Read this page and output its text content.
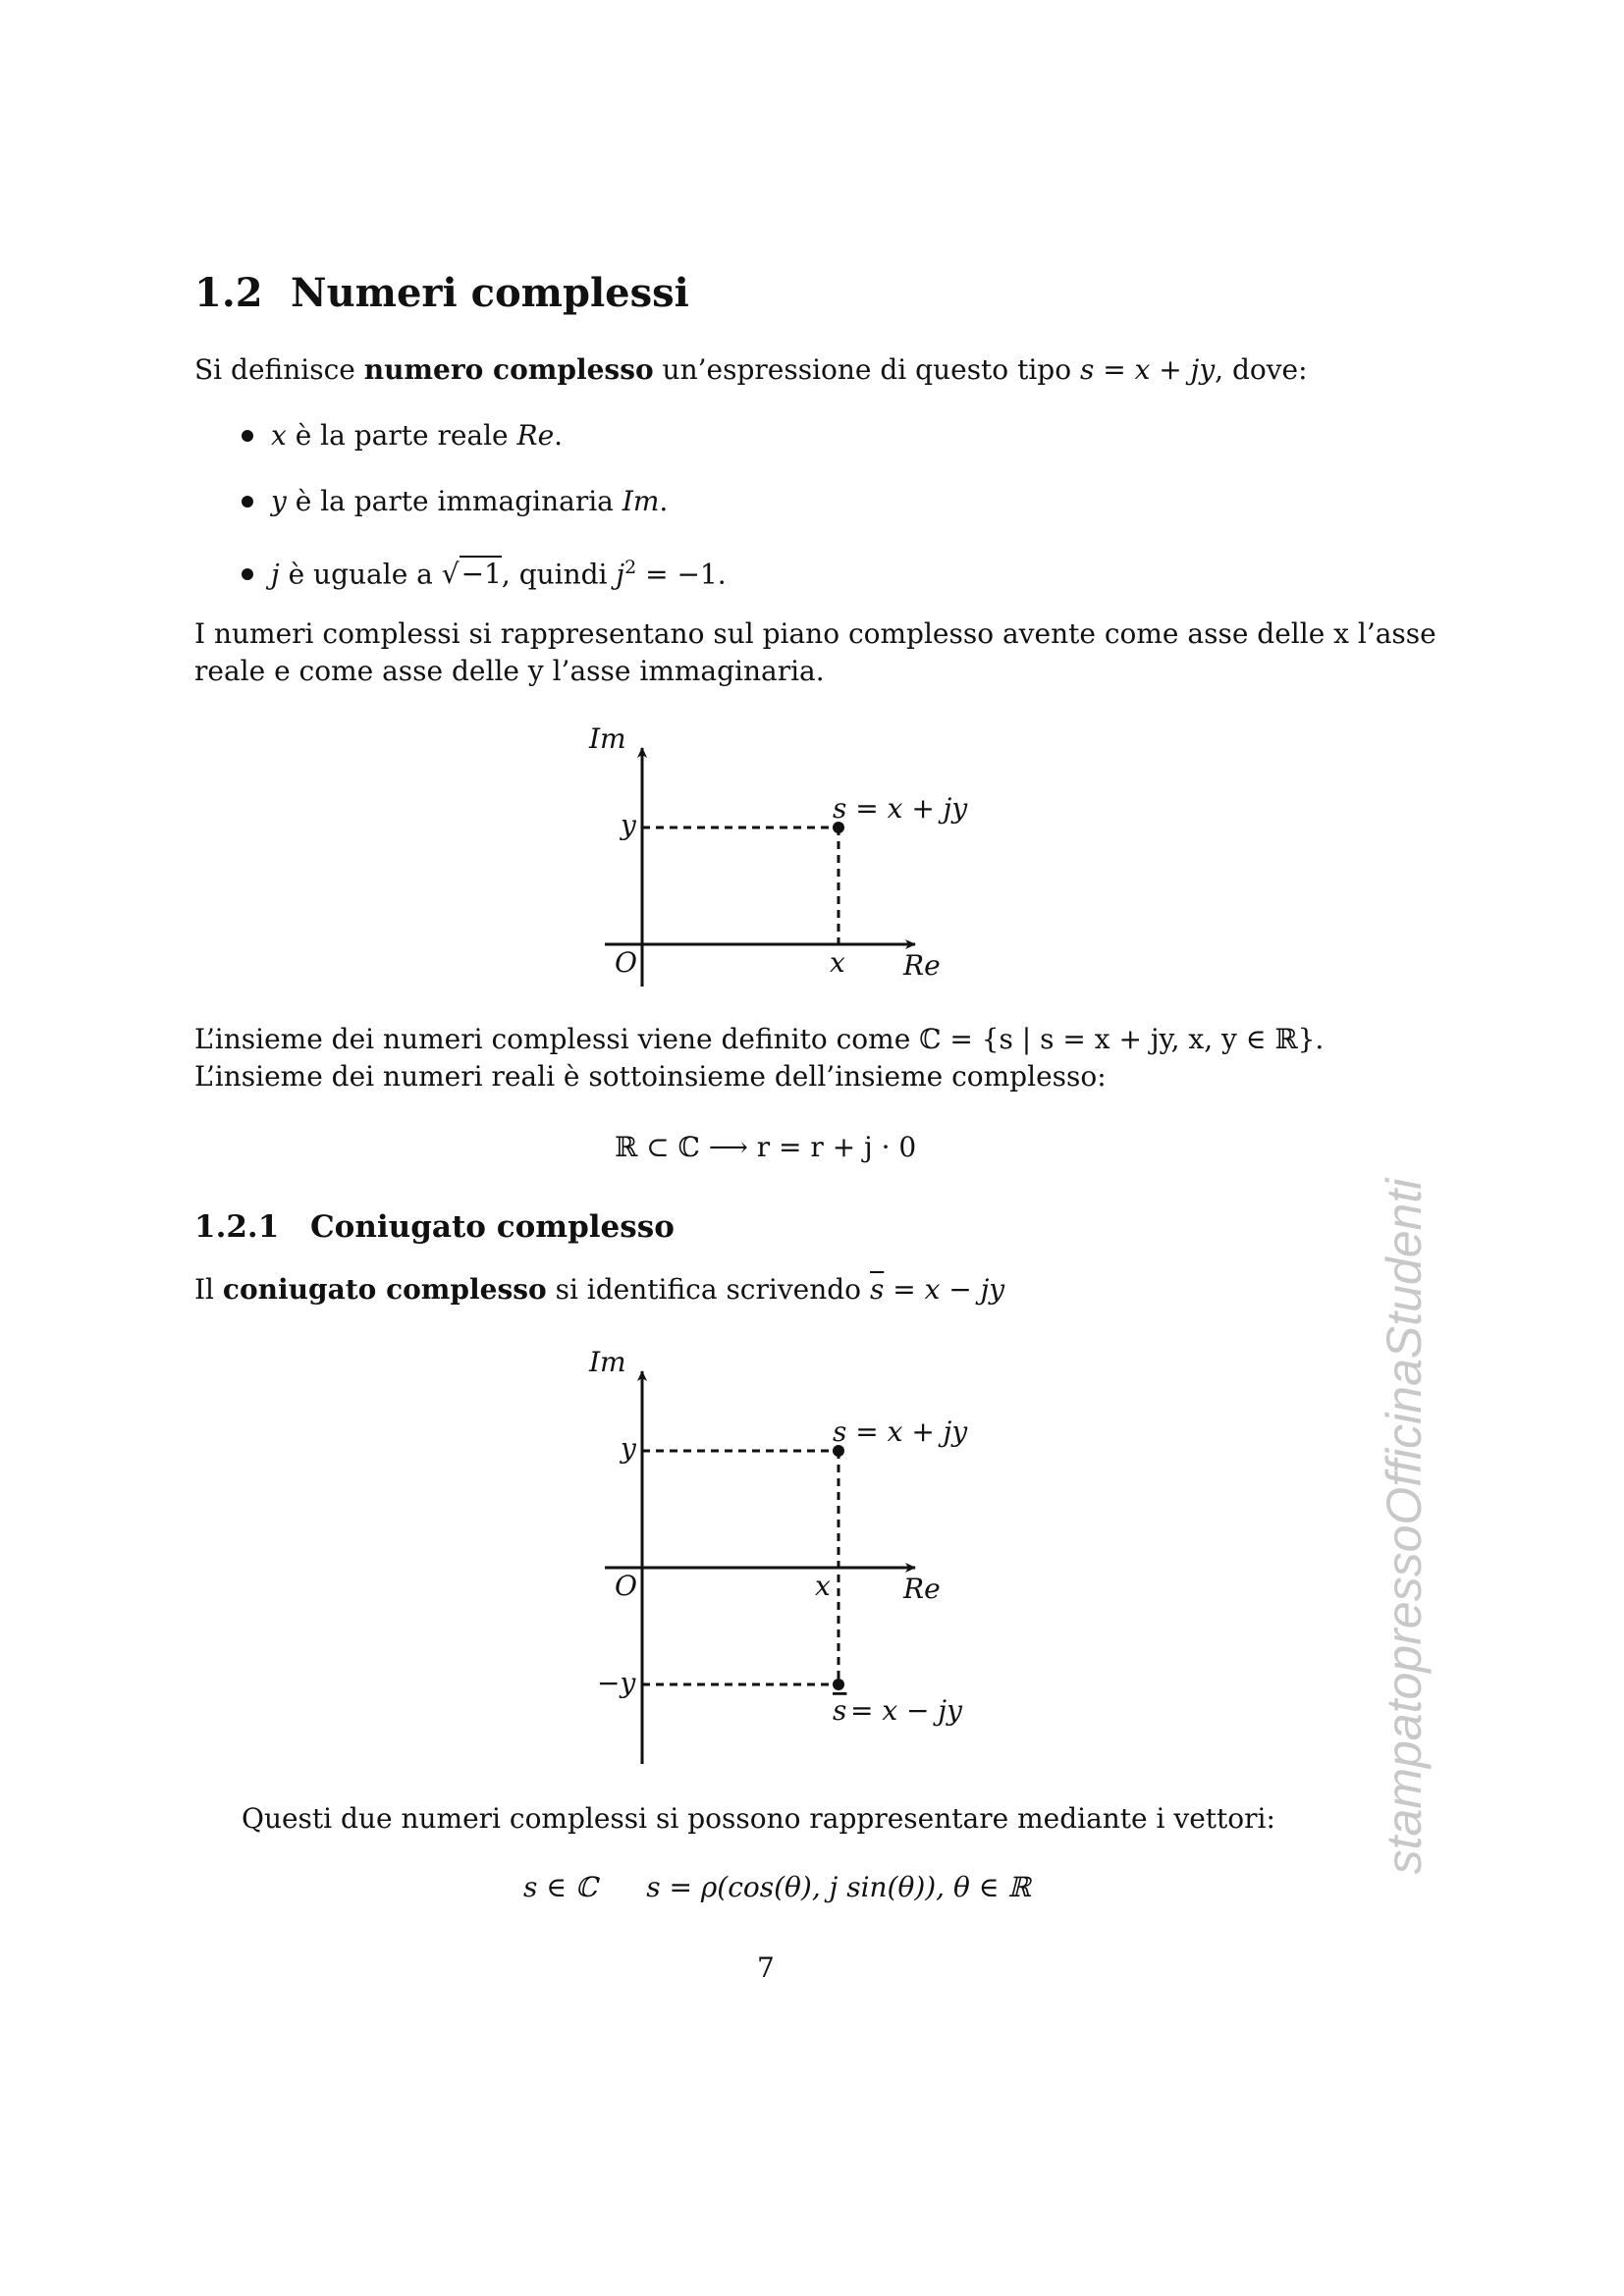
1.2 Numeri complessi
Si definisce numero complesso un’espressione di questo tipo s = x + jy, dove:
x è la parte reale Re.
y è la parte immaginaria Im.
j è uguale a √−1, quindi $j^2 = -1$.
I numeri complessi si rappresentano sul piano complesso avente come asse delle x l’asse
reale e come asse delle y l’asse immaginaria.
Im
Re
O	x
y
s = x + jy
L’insieme dei numeri complessi viene definito come ℂ = {s | s = x + jy, x, y ∈ ℝ}.
L’insieme dei numeri reali è sottoinsieme dell’insieme complesso:
ℝ ⊂ ℂ ⟶ r = r + j · 0
1.2.1 Coniugato complesso
Il coniugato complesso si identifica scrivendo $\overline{s} = x$ − jy
Im
Re
O	x
y
−y
s = x + jy
s = x − jy
Questi due numeri complessi si possono rappresentare mediante i vettori:
s ∈ ℂ s = ρ(cos(θ), j sin(θ)), θ ∈ ℝ
7
stampatopressoOfficinaStudenti
